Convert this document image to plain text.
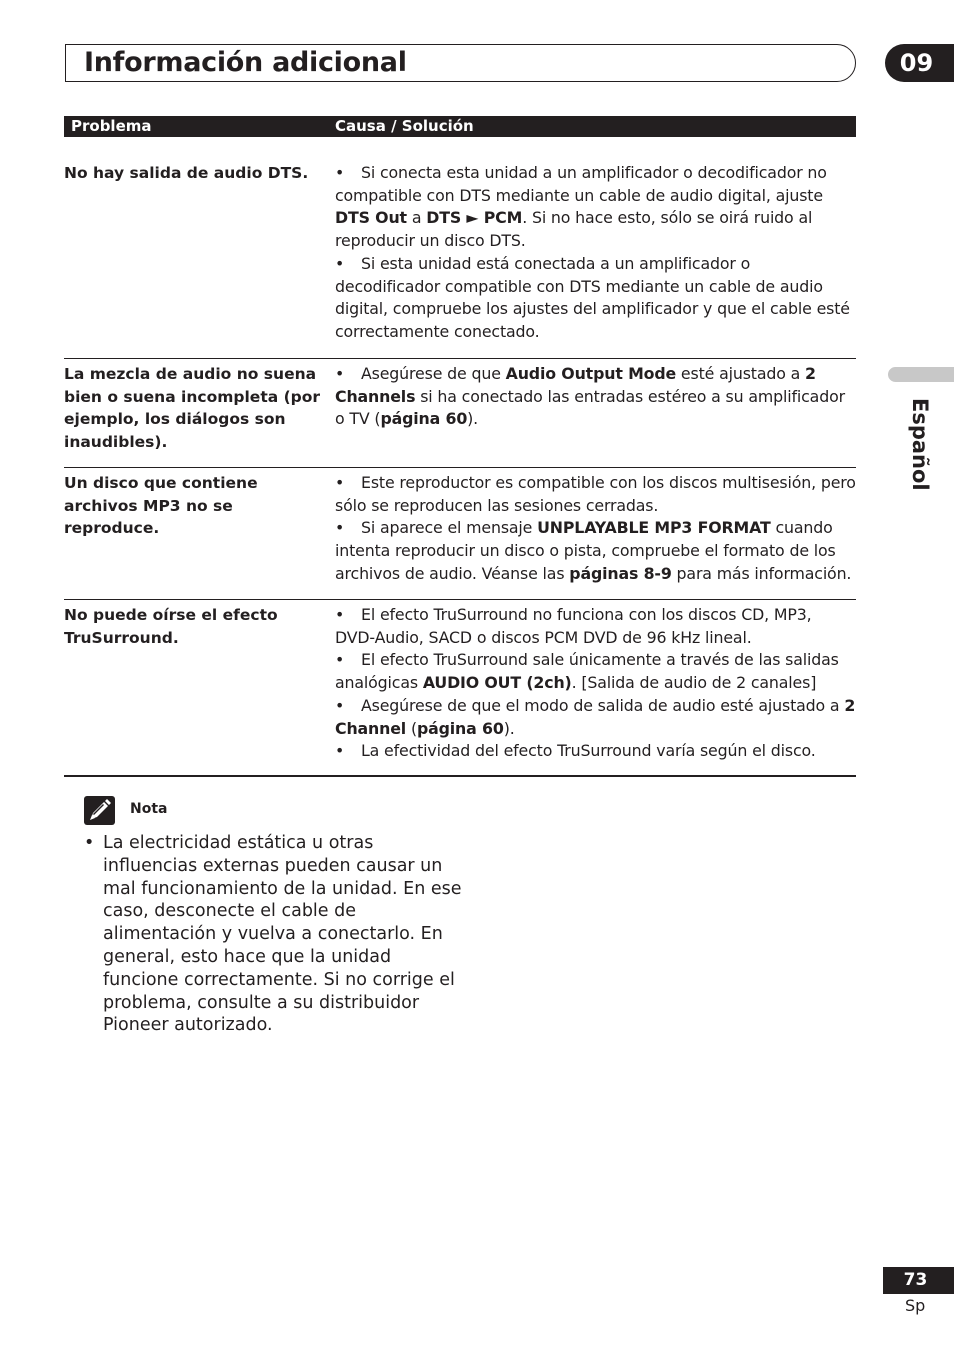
Información adicional	09
Español
Problema	Causa / Solución
No hay salida de audio DTS.
•	Si conecta esta unidad a un amplificador o decodificador no compatible con DTS mediante un cable de audio digital, ajuste DTS Out a DTS ► PCM. Si no hace esto, sólo se oirá ruido al reproducir un disco DTS.
• Si esta unidad está conectada a un amplificador o decodificador compatible con DTS mediante un cable de audio digital, compruebe los ajustes del amplificador y que el cable esté correctamente conectado.
La mezcla de audio no suena bien o suena incompleta (por ejemplo, los diálogos son inaudibles).
• Asegúrese de que Audio Output Mode esté ajustado a 2 Channels si ha conectado las entradas estéreo a su amplificador o TV (página 60).
Un disco que contiene archivos MP3 no se reproduce.
• Este reproductor es compatible con los discos multisesión, pero sólo se reproducen las sesiones cerradas.
• Si aparece el mensaje UNPLAYABLE MP3 FORMAT cuando intenta reproducir un disco o pista, compruebe el formato de los archivos de audio. Véanse las páginas 8-9 para más información.
No puede oírse el efecto TruSurround.
• El efecto TruSurround no funciona con los discos CD, MP3, DVD-Audio, SACD o discos PCM DVD de 96 kHz lineal.
• El efecto TruSurround sale únicamente a través de las salidas analógicas AUDIO OUT (2ch). [Salida de audio de 2 canales]
• Asegúrese de que el modo de salida de audio esté ajustado a 2 Channel (página 60).
• La efectividad del efecto TruSurround varía según el disco.
Nota
• La electricidad estática u otras influencias externas pueden causar un mal funcionamiento de la unidad. En ese caso, desconecte el cable de alimentación y vuelva a conectarlo. En general, esto hace que la unidad funcione correctamente. Si no corrige el problema, consulte a su distribuidor Pioneer autorizado.
73
Sp
